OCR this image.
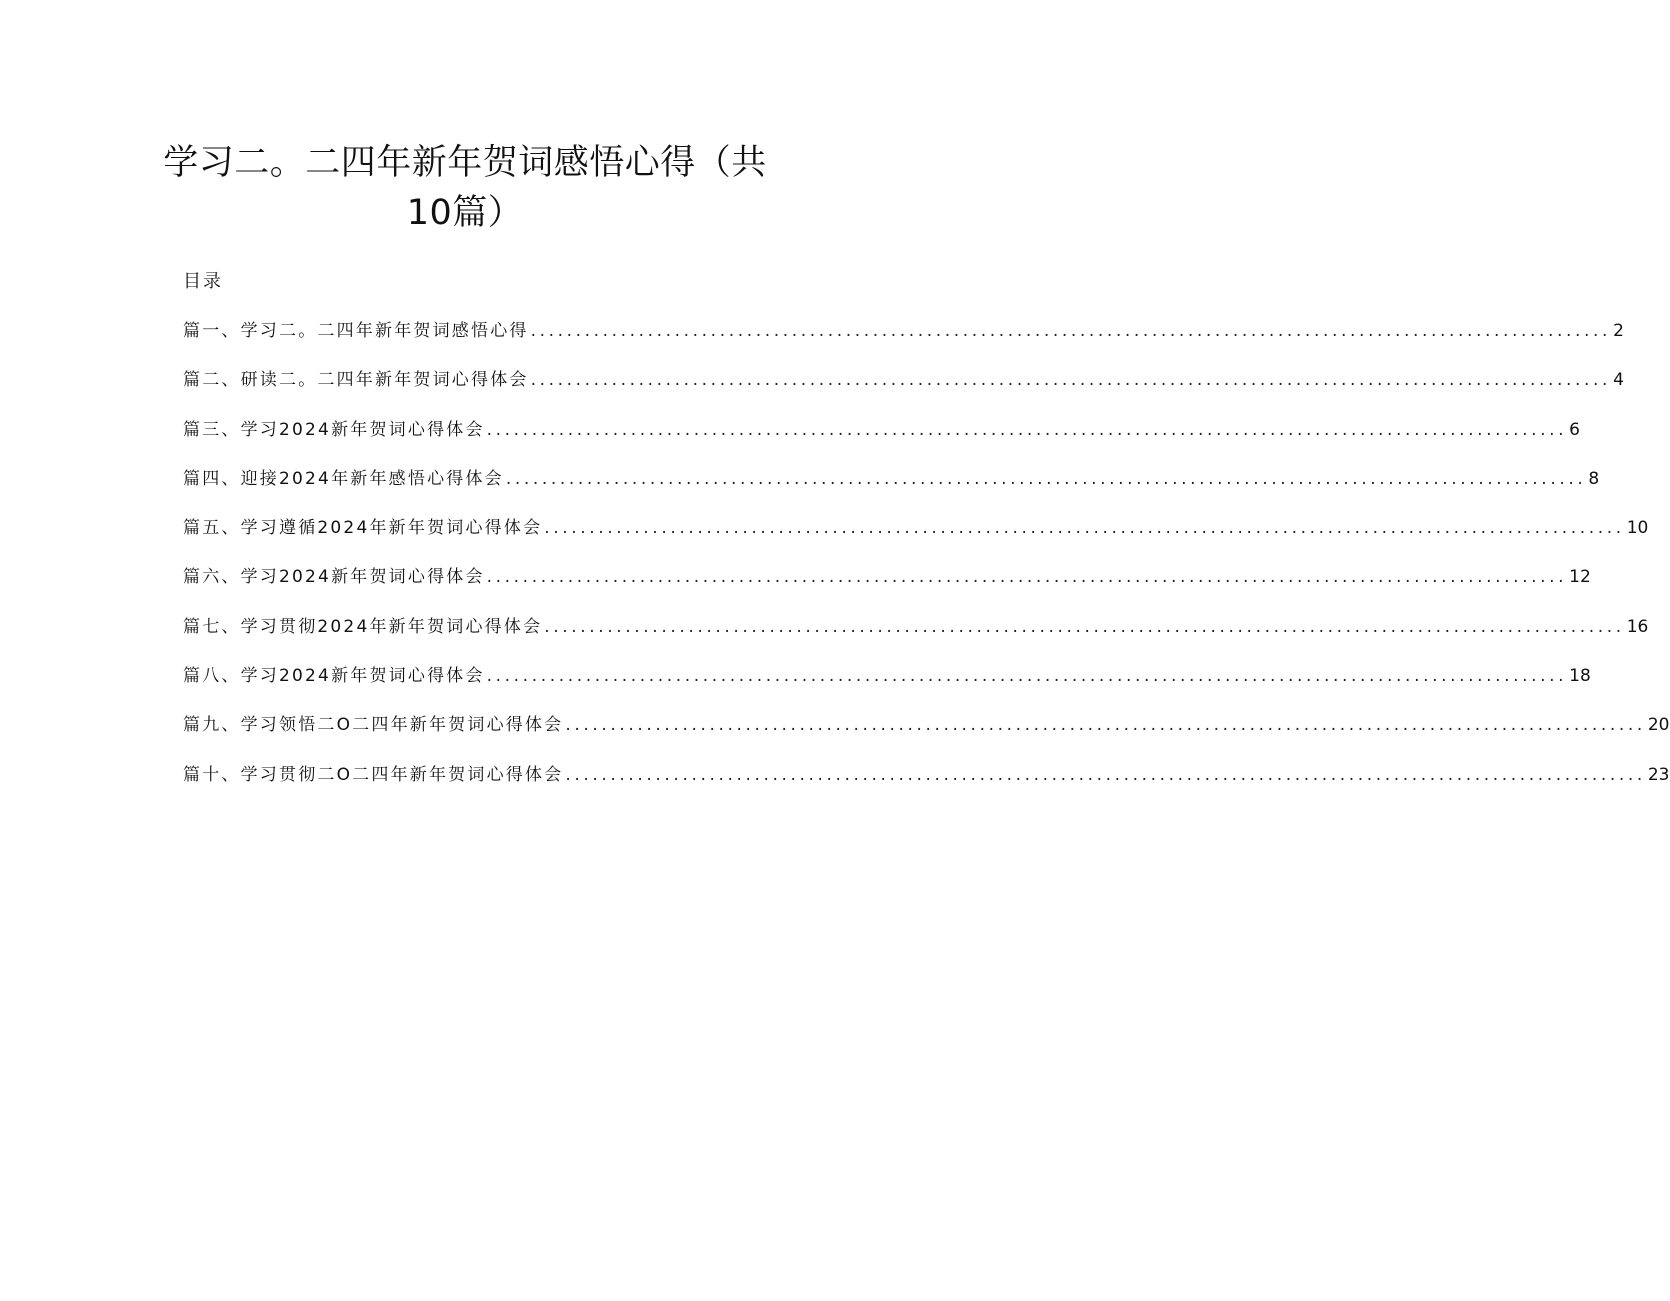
学习二。二四年新年贺词感悟心得（共10篇）
目录
篇一、学习二。二四年新年贺词感悟心得 ........................................................................................................................ 2
篇二、研读二。二四年新年贺词心得体会 ........................................................................................................................ 4
篇三、学习2024新年贺词心得体会 ........................................................................................................................ 6
篇四、迎接2024年新年感悟心得体会 ........................................................................................................................ 8
篇五、学习遵循2024年新年贺词心得体会 ........................................................................................................................ 10
篇六、学习2024新年贺词心得体会 ........................................................................................................................ 12
篇七、学习贯彻2024年新年贺词心得体会 ........................................................................................................................ 16
篇八、学习2024新年贺词心得体会 ........................................................................................................................ 18
篇九、学习领悟二O二四年新年贺词心得体会 ........................................................................................................................ 20
篇十、学习贯彻二O二四年新年贺词心得体会 ........................................................................................................................ 23
